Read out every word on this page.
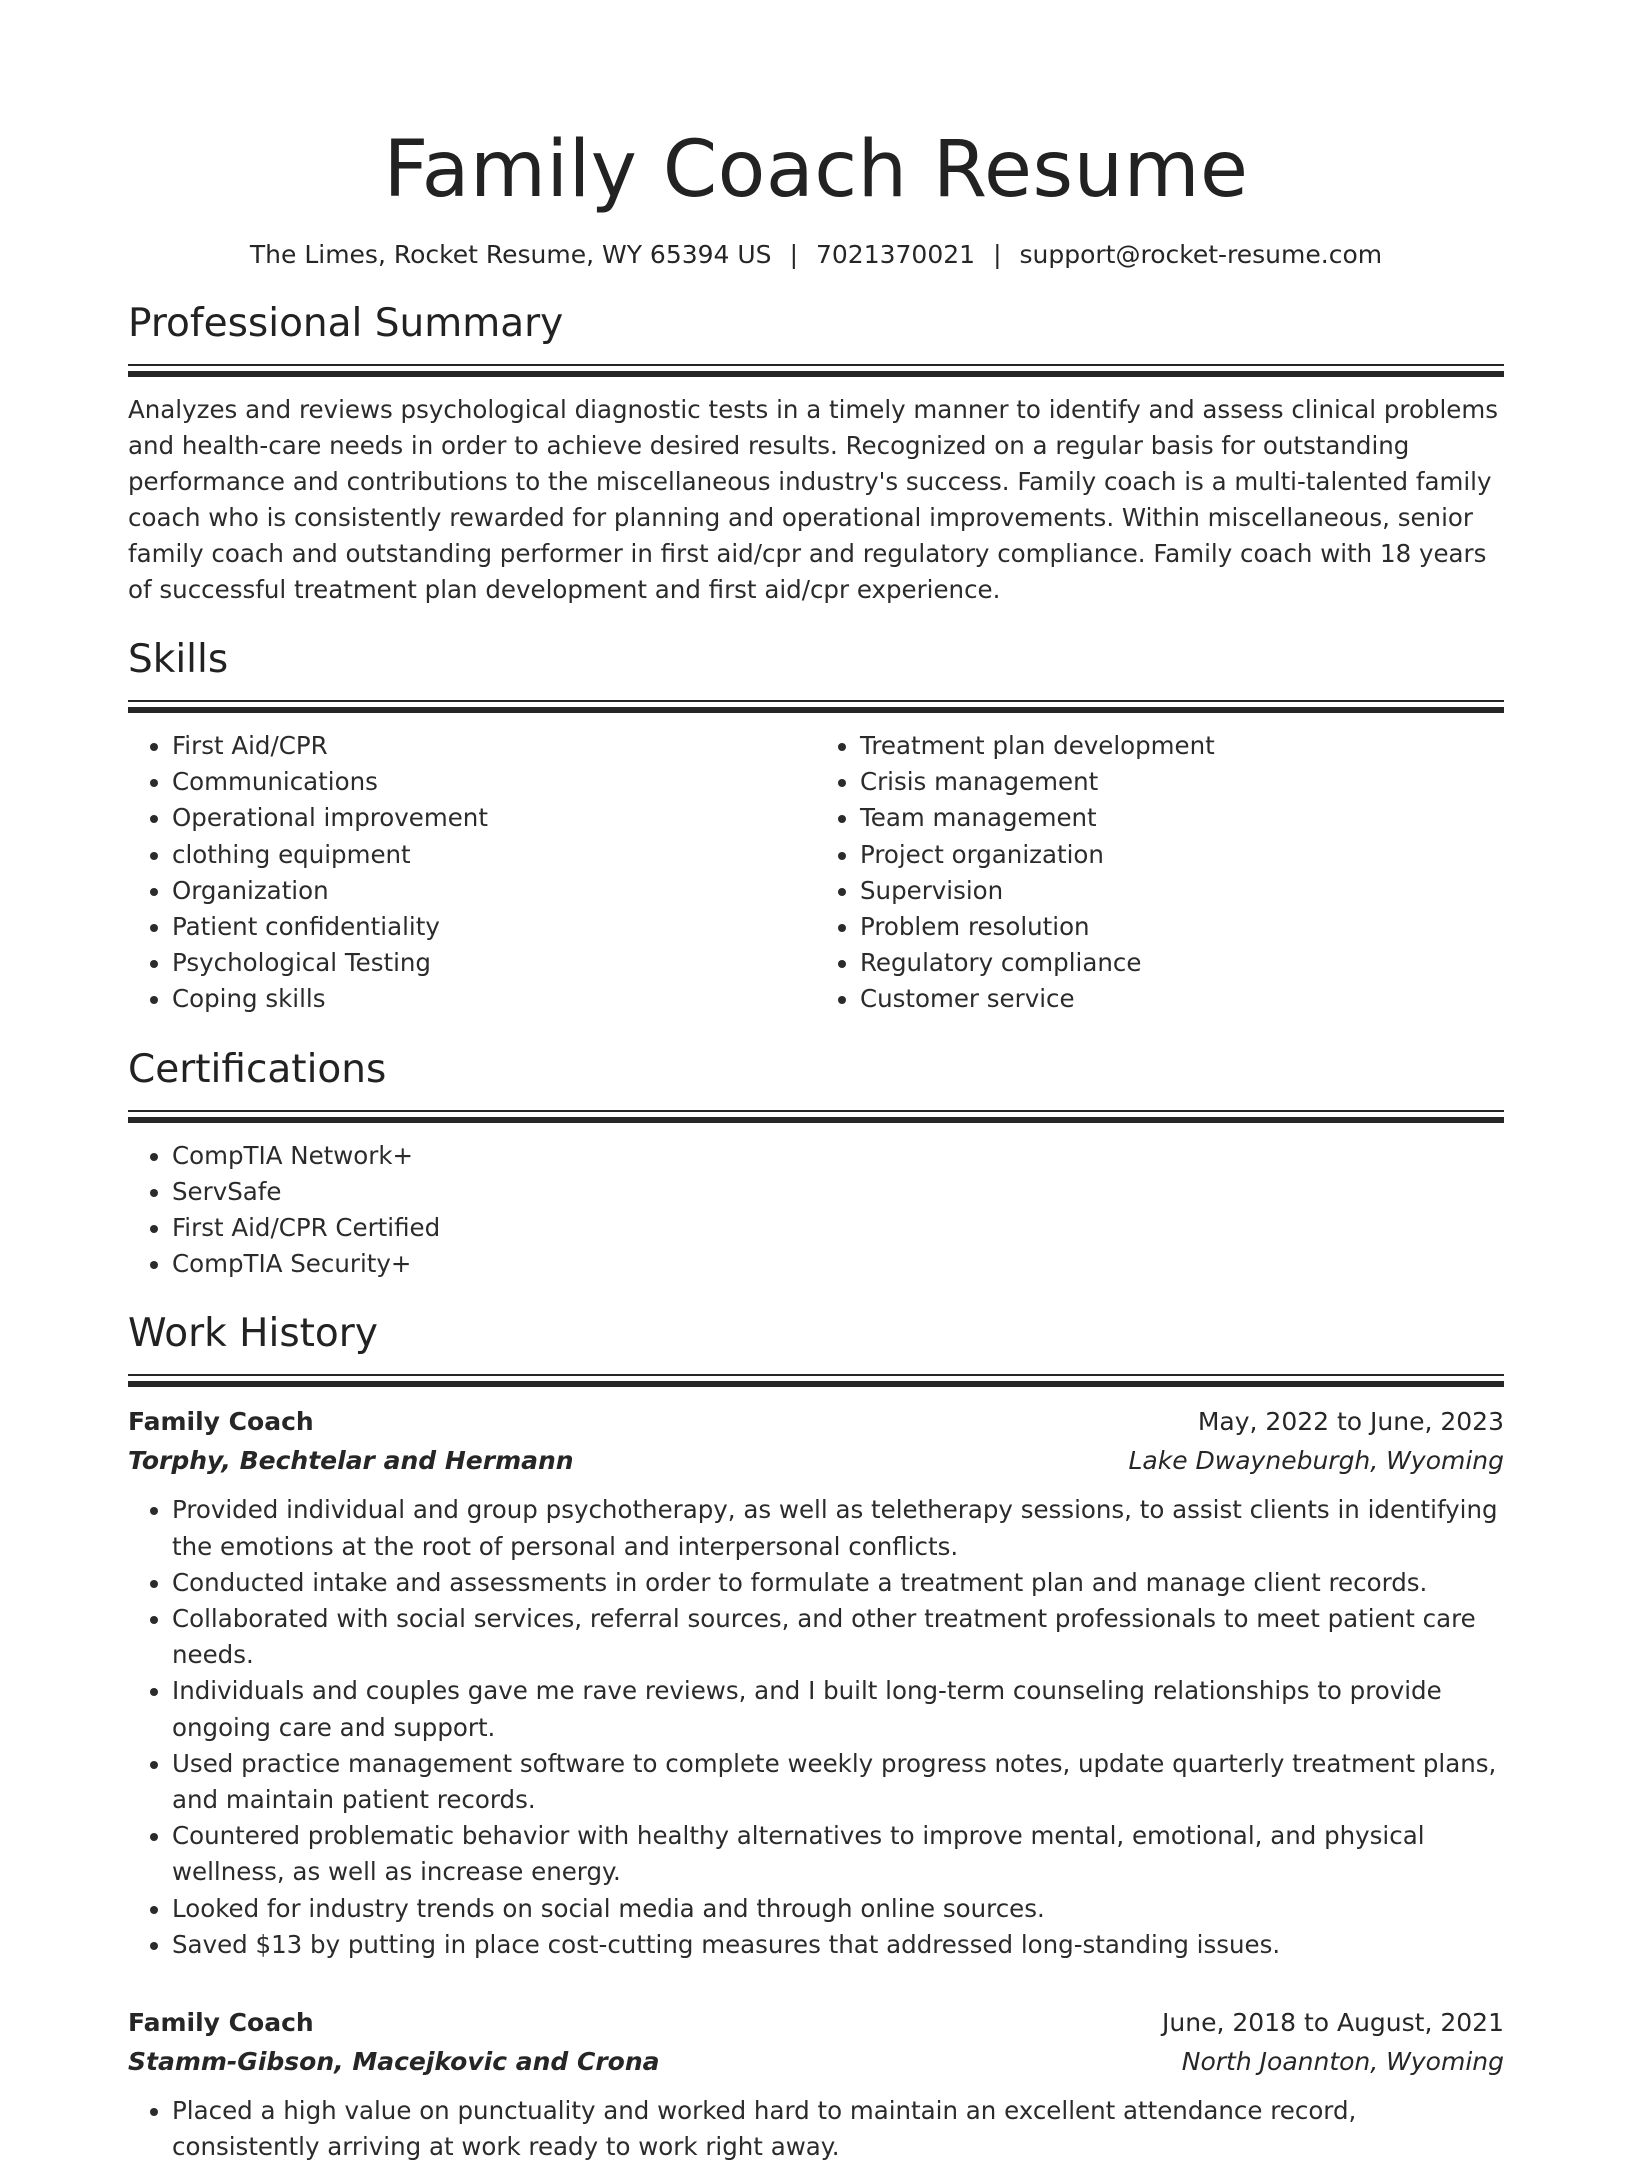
Family Coach Resume
The Limes, Rocket Resume, WY 65394 US | 7021370021 | support@rocket-resume.com
Professional Summary

Analyzes and reviews psychological diagnostic tests in a timely manner to identify and assess clinical problems and health-care needs in order to achieve desired results. Recognized on a regular basis for outstanding performance and contributions to the miscellaneous industry's success. Family coach is a multi-talented family coach who is consistently rewarded for planning and operational improvements. Within miscellaneous, senior family coach and outstanding performer in first aid/cpr and regulatory compliance. Family coach with 18 years of successful treatment plan development and first aid/cpr experience.

Skills
• First Aid/CPR
• Communications
• Operational improvement
• clothing equipment
• Organization
• Patient confidentiality
• Psychological Testing
• Coping skills
• Treatment plan development
• Crisis management
• Team management
• Project organization
• Supervision
• Problem resolution
• Regulatory compliance
• Customer service
Certifications
• CompTIA Network+
• ServSafe
• First Aid/CPR Certified
• CompTIA Security+
Work History
Family Coach	May, 2022 to June, 2023
Torphy, Bechtelar and Hermann	Lake Dwayneburgh, Wyoming
• Provided individual and group psychotherapy, as well as teletherapy sessions, to assist clients in identifying the emotions at the root of personal and interpersonal conflicts.
• Conducted intake and assessments in order to formulate a treatment plan and manage client records.
• Collaborated with social services, referral sources, and other treatment professionals to meet patient care needs.
• Individuals and couples gave me rave reviews, and I built long-term counseling relationships to provide ongoing care and support.
• Used practice management software to complete weekly progress notes, update quarterly treatment plans, and maintain patient records.
• Countered problematic behavior with healthy alternatives to improve mental, emotional, and physical wellness, as well as increase energy.
• Looked for industry trends on social media and through online sources.
• Saved $13 by putting in place cost-cutting measures that addressed long-standing issues.
Family Coach	June, 2018 to August, 2021
Stamm-Gibson, Macejkovic and Crona	North Joannton, Wyoming
• Placed a high value on punctuality and worked hard to maintain an excellent attendance record, consistently arriving at work ready to work right away.
